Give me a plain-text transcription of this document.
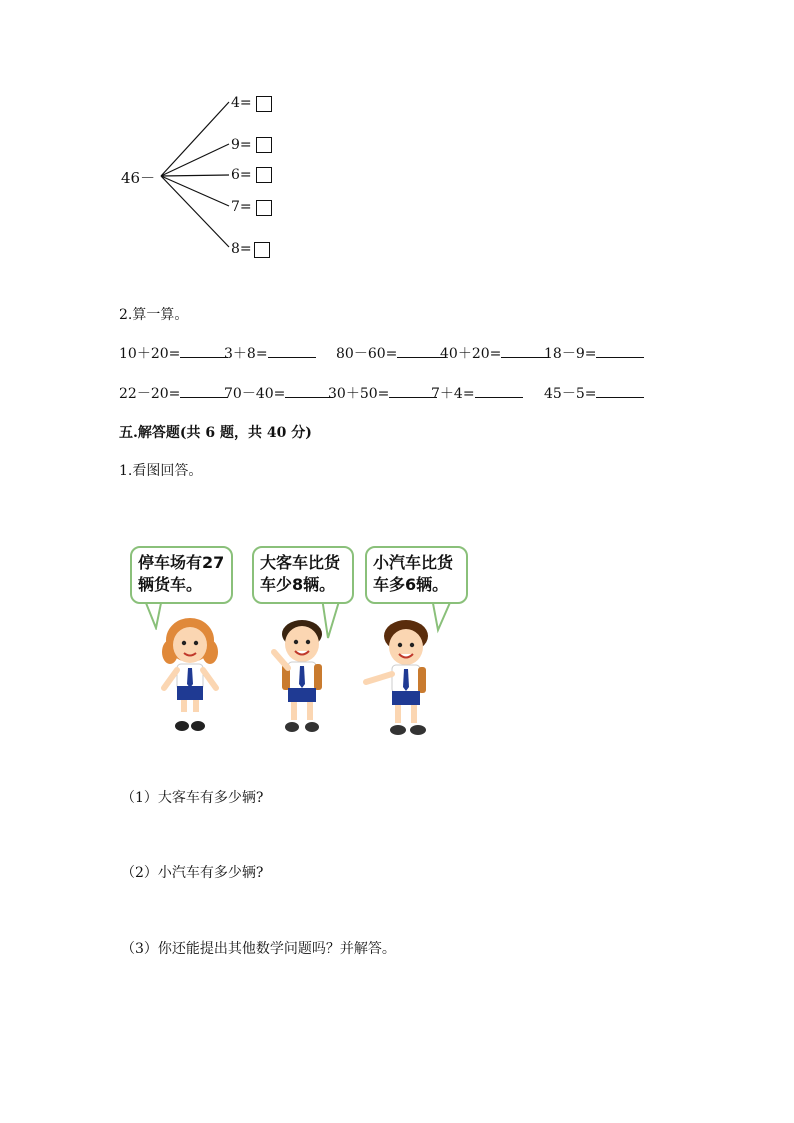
46－
4=
9=
6=
7=
8=
2.算一算。
10＋20=	3＋8=	80－60=	40＋20=	18－9=
22－20=	70－40=	30＋50=	7＋4=	45－5=
五.解答题(共 6 题，共 40 分)
1.看图回答。
停车场有27
辆货车。
大客车比货
车少8辆。
小汽车比货
车多6辆。
（1）大客车有多少辆?
（2）小汽车有多少辆?
（3）你还能提出其他数学问题吗？并解答。
